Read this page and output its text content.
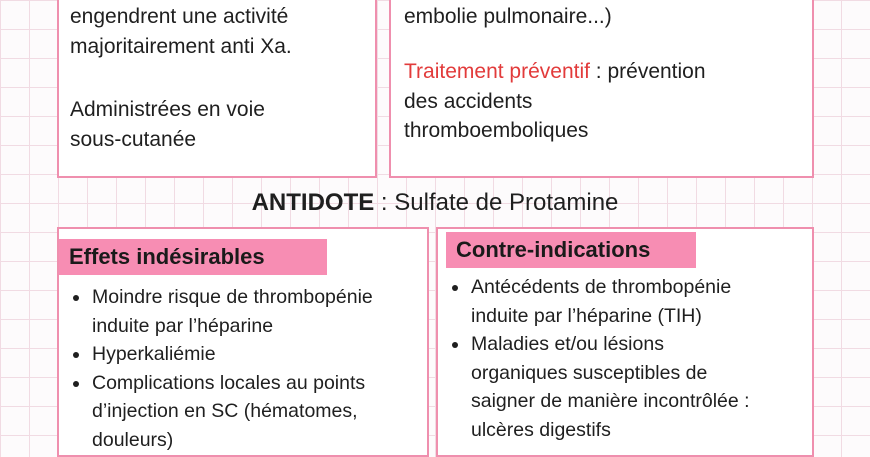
engendrent une activité

majoritairement anti Xa.

Administrées en voie

sous-cutanée

embolie pulmonaire...)

Traitement préventif : prévention

des accidents

thromboemboliques

ANTIDOTE : Sulfate de Protamine
Effets indésirables
Moindre risque de thrombopénie
induite par l’héparine
Hyperkaliémie
Complications locales au points
d’injection en SC (hématomes,
douleurs)
Contre-indications
Antécédents de thrombopénie
induite par l’héparine (TIH)
Maladies et/ou lésions
organiques susceptibles de
saigner de manière incontrôlée :
ulcères digestifs
